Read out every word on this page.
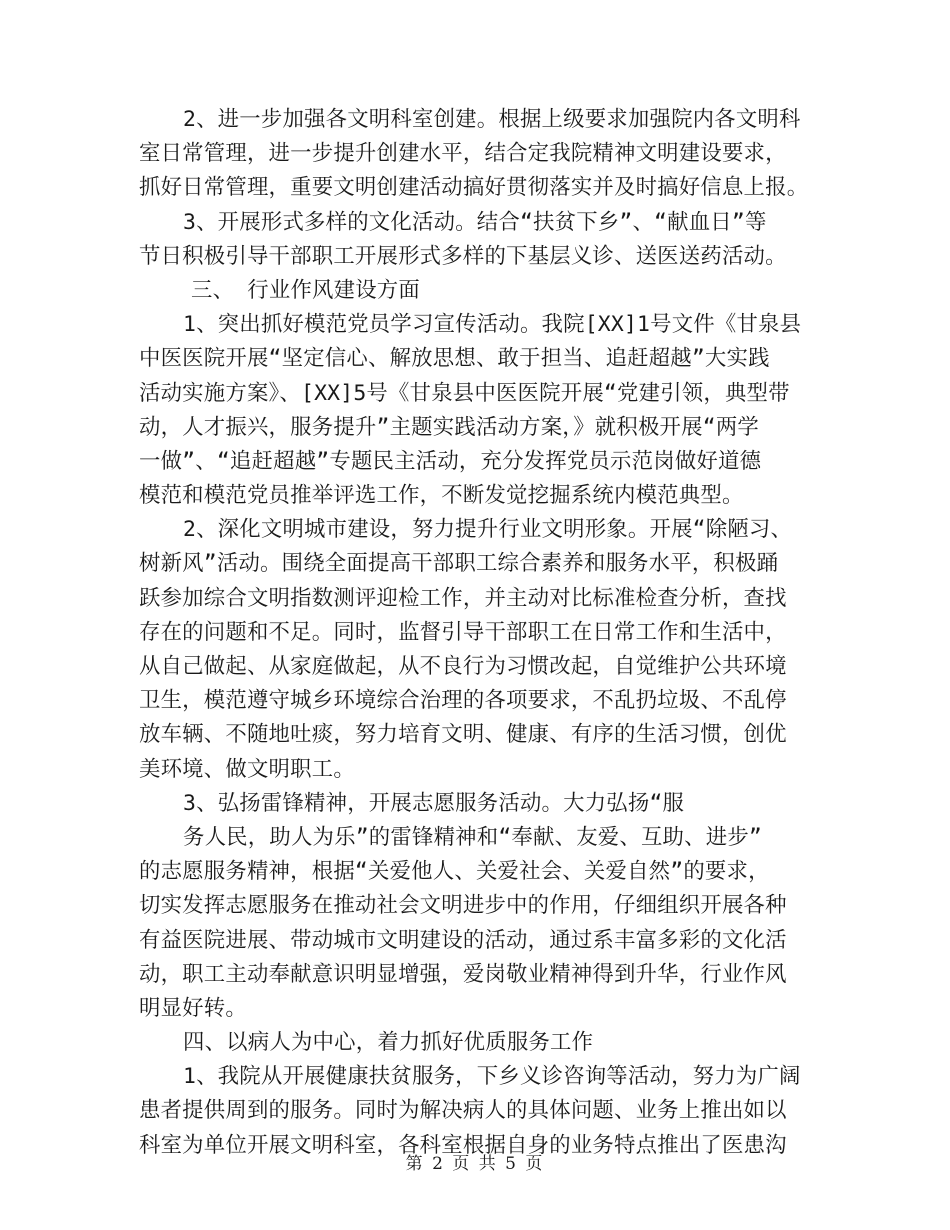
2、进一步加强各文明科室创建。根据上级要求加强院内各文明科
室日常管理，进一步提升创建水平，结合定我院精神文明建设要求，
抓好日常管理，重要文明创建活动搞好贯彻落实并及时搞好信息上报。
3、开展形式多样的文化活动。结合“扶贫下乡”、“献血日”等
节日积极引导干部职工开展形式多样的下基层义诊、送医送药活动。
三、 行业作风建设方面
1、突出抓好模范党员学习宣传活动。我院[XX]1号文件《甘泉县
中医医院开展“坚定信心、解放思想、敢于担当、追赶超越”大实践
活动实施方案》、[XX]5号《甘泉县中医医院开展“党建引领，典型带
动，人才振兴，服务提升”主题实践活动方案，》就积极开展“两学
一做”、“追赶超越”专题民主活动，充分发挥党员示范岗做好道德
模范和模范党员推举评选工作，不断发觉挖掘系统内模范典型。
2、深化文明城市建设，努力提升行业文明形象。开展“除陋习、
树新风”活动。围绕全面提高干部职工综合素养和服务水平，积极踊
跃参加综合文明指数测评迎检工作，并主动对比标准检查分析，查找
存在的问题和不足。同时，监督引导干部职工在日常工作和生活中，
从自己做起、从家庭做起，从不良行为习惯改起，自觉维护公共环境
卫生，模范遵守城乡环境综合治理的各项要求，不乱扔垃圾、不乱停
放车辆、不随地吐痰，努力培育文明、健康、有序的生活习惯，创优
美环境、做文明职工。
3、弘扬雷锋精神，开展志愿服务活动。大力弘扬“服
务人民，助人为乐”的雷锋精神和“奉献、友爱、互助、进步”
的志愿服务精神，根据“关爱他人、关爱社会、关爱自然”的要求，
切实发挥志愿服务在推动社会文明进步中的作用，仔细组织开展各种
有益医院进展、带动城市文明建设的活动，通过系丰富多彩的文化活
动，职工主动奉献意识明显增强，爱岗敬业精神得到升华，行业作风
明显好转。
四、以病人为中心，着力抓好优质服务工作
1、我院从开展健康扶贫服务，下乡义诊咨询等活动，努力为广阔
患者提供周到的服务。同时为解决病人的具体问题、业务上推出如以
科室为单位开展文明科室，各科室根据自身的业务特点推出了医患沟
第 2 页 共 5 页
